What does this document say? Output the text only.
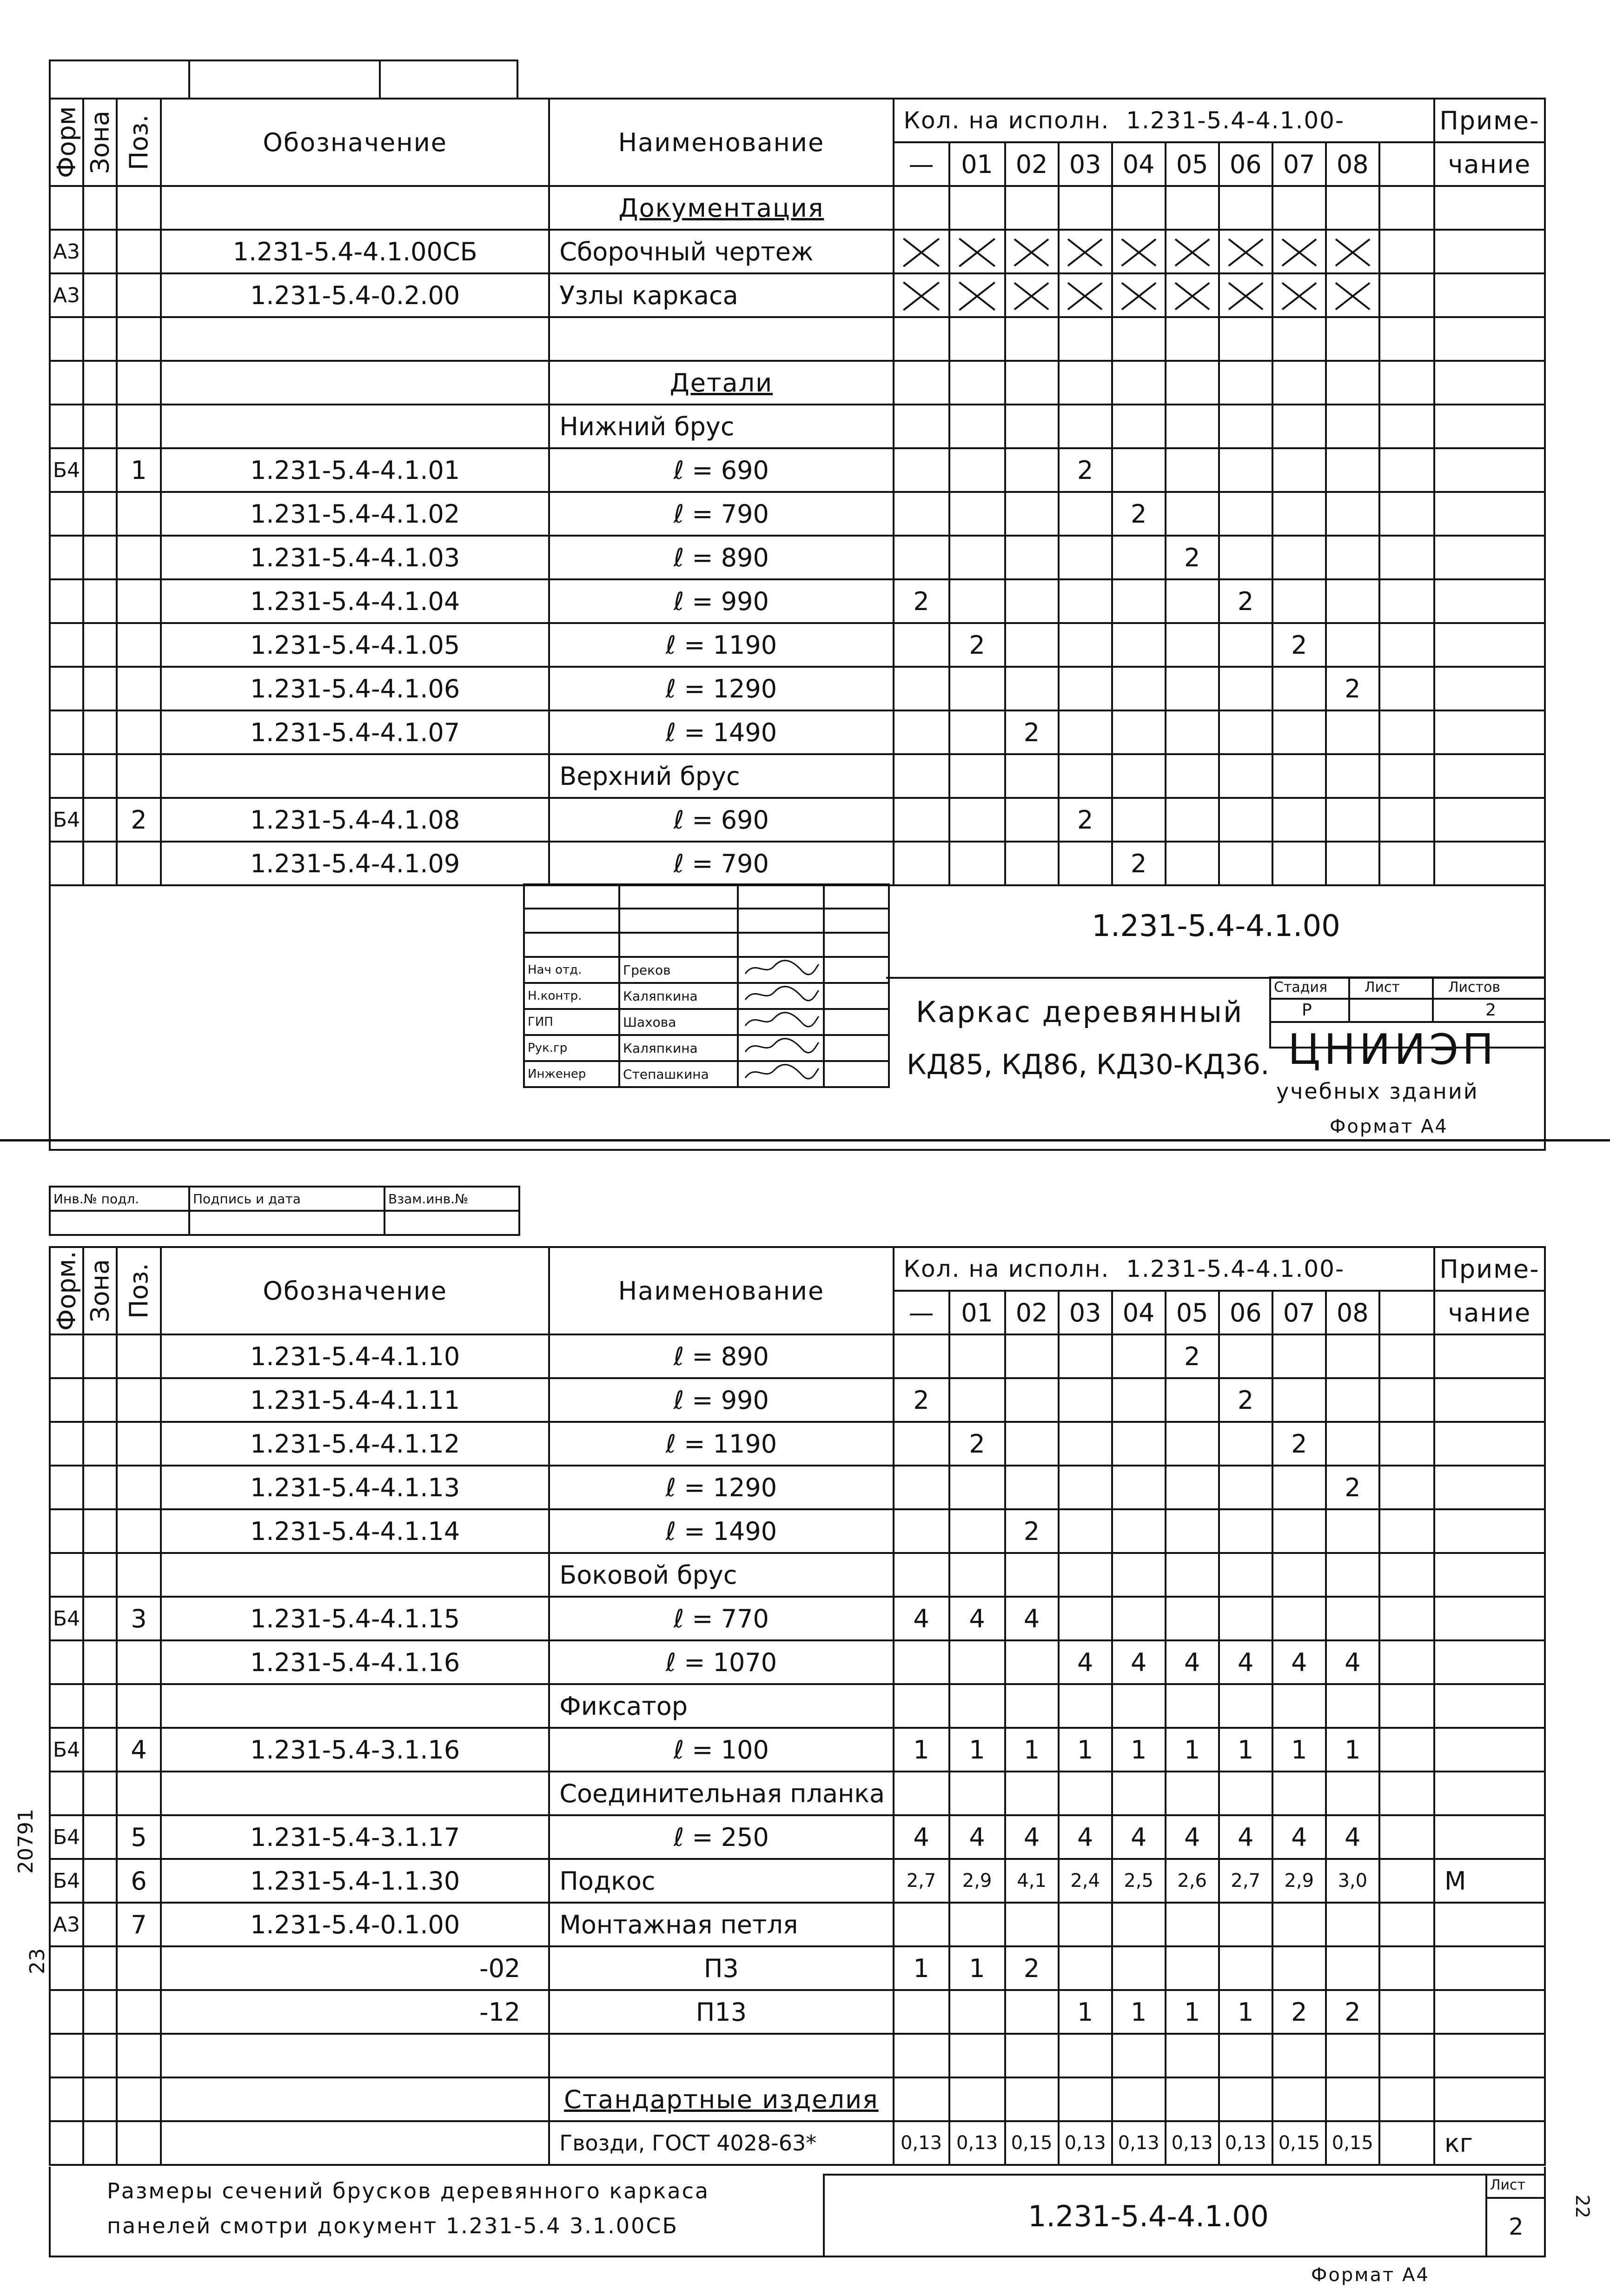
Форм	Зона	Поз.	Обозначение	Наименование	Кол. на исполн. 1.231-5.4-4.1.00-										Приме-
					—	01	02	03	04	05	06	07	08		чание
				Документация											
А3			1.231-5.4-4.1.00СБ	Сборочный чертеж											
А3			1.231-5.4-0.2.00	Узлы каркаса											

				Детали											
				Нижний брус											
Б4		1	1.231-5.4-4.1.01	ℓ = 690				2							
			1.231-5.4-4.1.02	ℓ = 790					2						
			1.231-5.4-4.1.03	ℓ = 890						2					
			1.231-5.4-4.1.04	ℓ = 990	2						2				
			1.231-5.4-4.1.05	ℓ = 1190		2						2			
			1.231-5.4-4.1.06	ℓ = 1290									2		
			1.231-5.4-4.1.07	ℓ = 1490			2								
				Верхний брус											
Б4		2	1.231-5.4-4.1.08	ℓ = 690				2							
			1.231-5.4-4.1.09	ℓ = 790					2						

Нач отд.	Греков		
Н.контр.	Каляпкина		
ГИП	Шахова		
Рук.гр	Каляпкина		
Инженер	Степашкина		
1.231-5.4-4.1.00
Каркас деревянный
КД85, КД86, КД30-КД36.
Стадия	Лист	Листов
Р	2
ЦНИИЭП
учебных зданий
Формат А4
Инв.№ подл.	Подпись и дата	Взам.инв.№

Форм.	Зона	Поз.	Обозначение	Наименование	Кол. на исполн. 1.231-5.4-4.1.00-										Приме-
					—	01	02	03	04	05	06	07	08		чание
			1.231-5.4-4.1.10	ℓ = 890						2					
			1.231-5.4-4.1.11	ℓ = 990	2						2				
			1.231-5.4-4.1.12	ℓ = 1190		2						2			
			1.231-5.4-4.1.13	ℓ = 1290									2		
			1.231-5.4-4.1.14	ℓ = 1490			2								
				Боковой брус											
Б4		3	1.231-5.4-4.1.15	ℓ = 770	4	4	4								
			1.231-5.4-4.1.16	ℓ = 1070				4	4	4	4	4	4		
				Фиксатор											
Б4		4	1.231-5.4-3.1.16	ℓ = 100	1	1	1	1	1	1	1	1	1		
				Соединительная планка											
Б4		5	1.231-5.4-3.1.17	ℓ = 250	4	4	4	4	4	4	4	4	4		
Б4		6	1.231-5.4-1.1.30	Подкос	2,7	2,9	4,1	2,4	2,5	2,6	2,7	2,9	3,0		М
А3		7	1.231-5.4-0.1.00	Монтажная петля											
			-02	П3	1	1	2								
			-12	П13				1	1	1	1	2	2		

				Стандартные изделия											
				Гвозди, ГОСТ 4028-63*	0,13	0,13	0,15	0,13	0,13	0,13	0,13	0,15	0,15		кг
Размеры сечений брусков деревянного каркаса
панелей смотри документ 1.231-5.4 3.1.00СБ	1.231-5.4-4.1.00
Лист
2
Формат А4
20791
23
22
